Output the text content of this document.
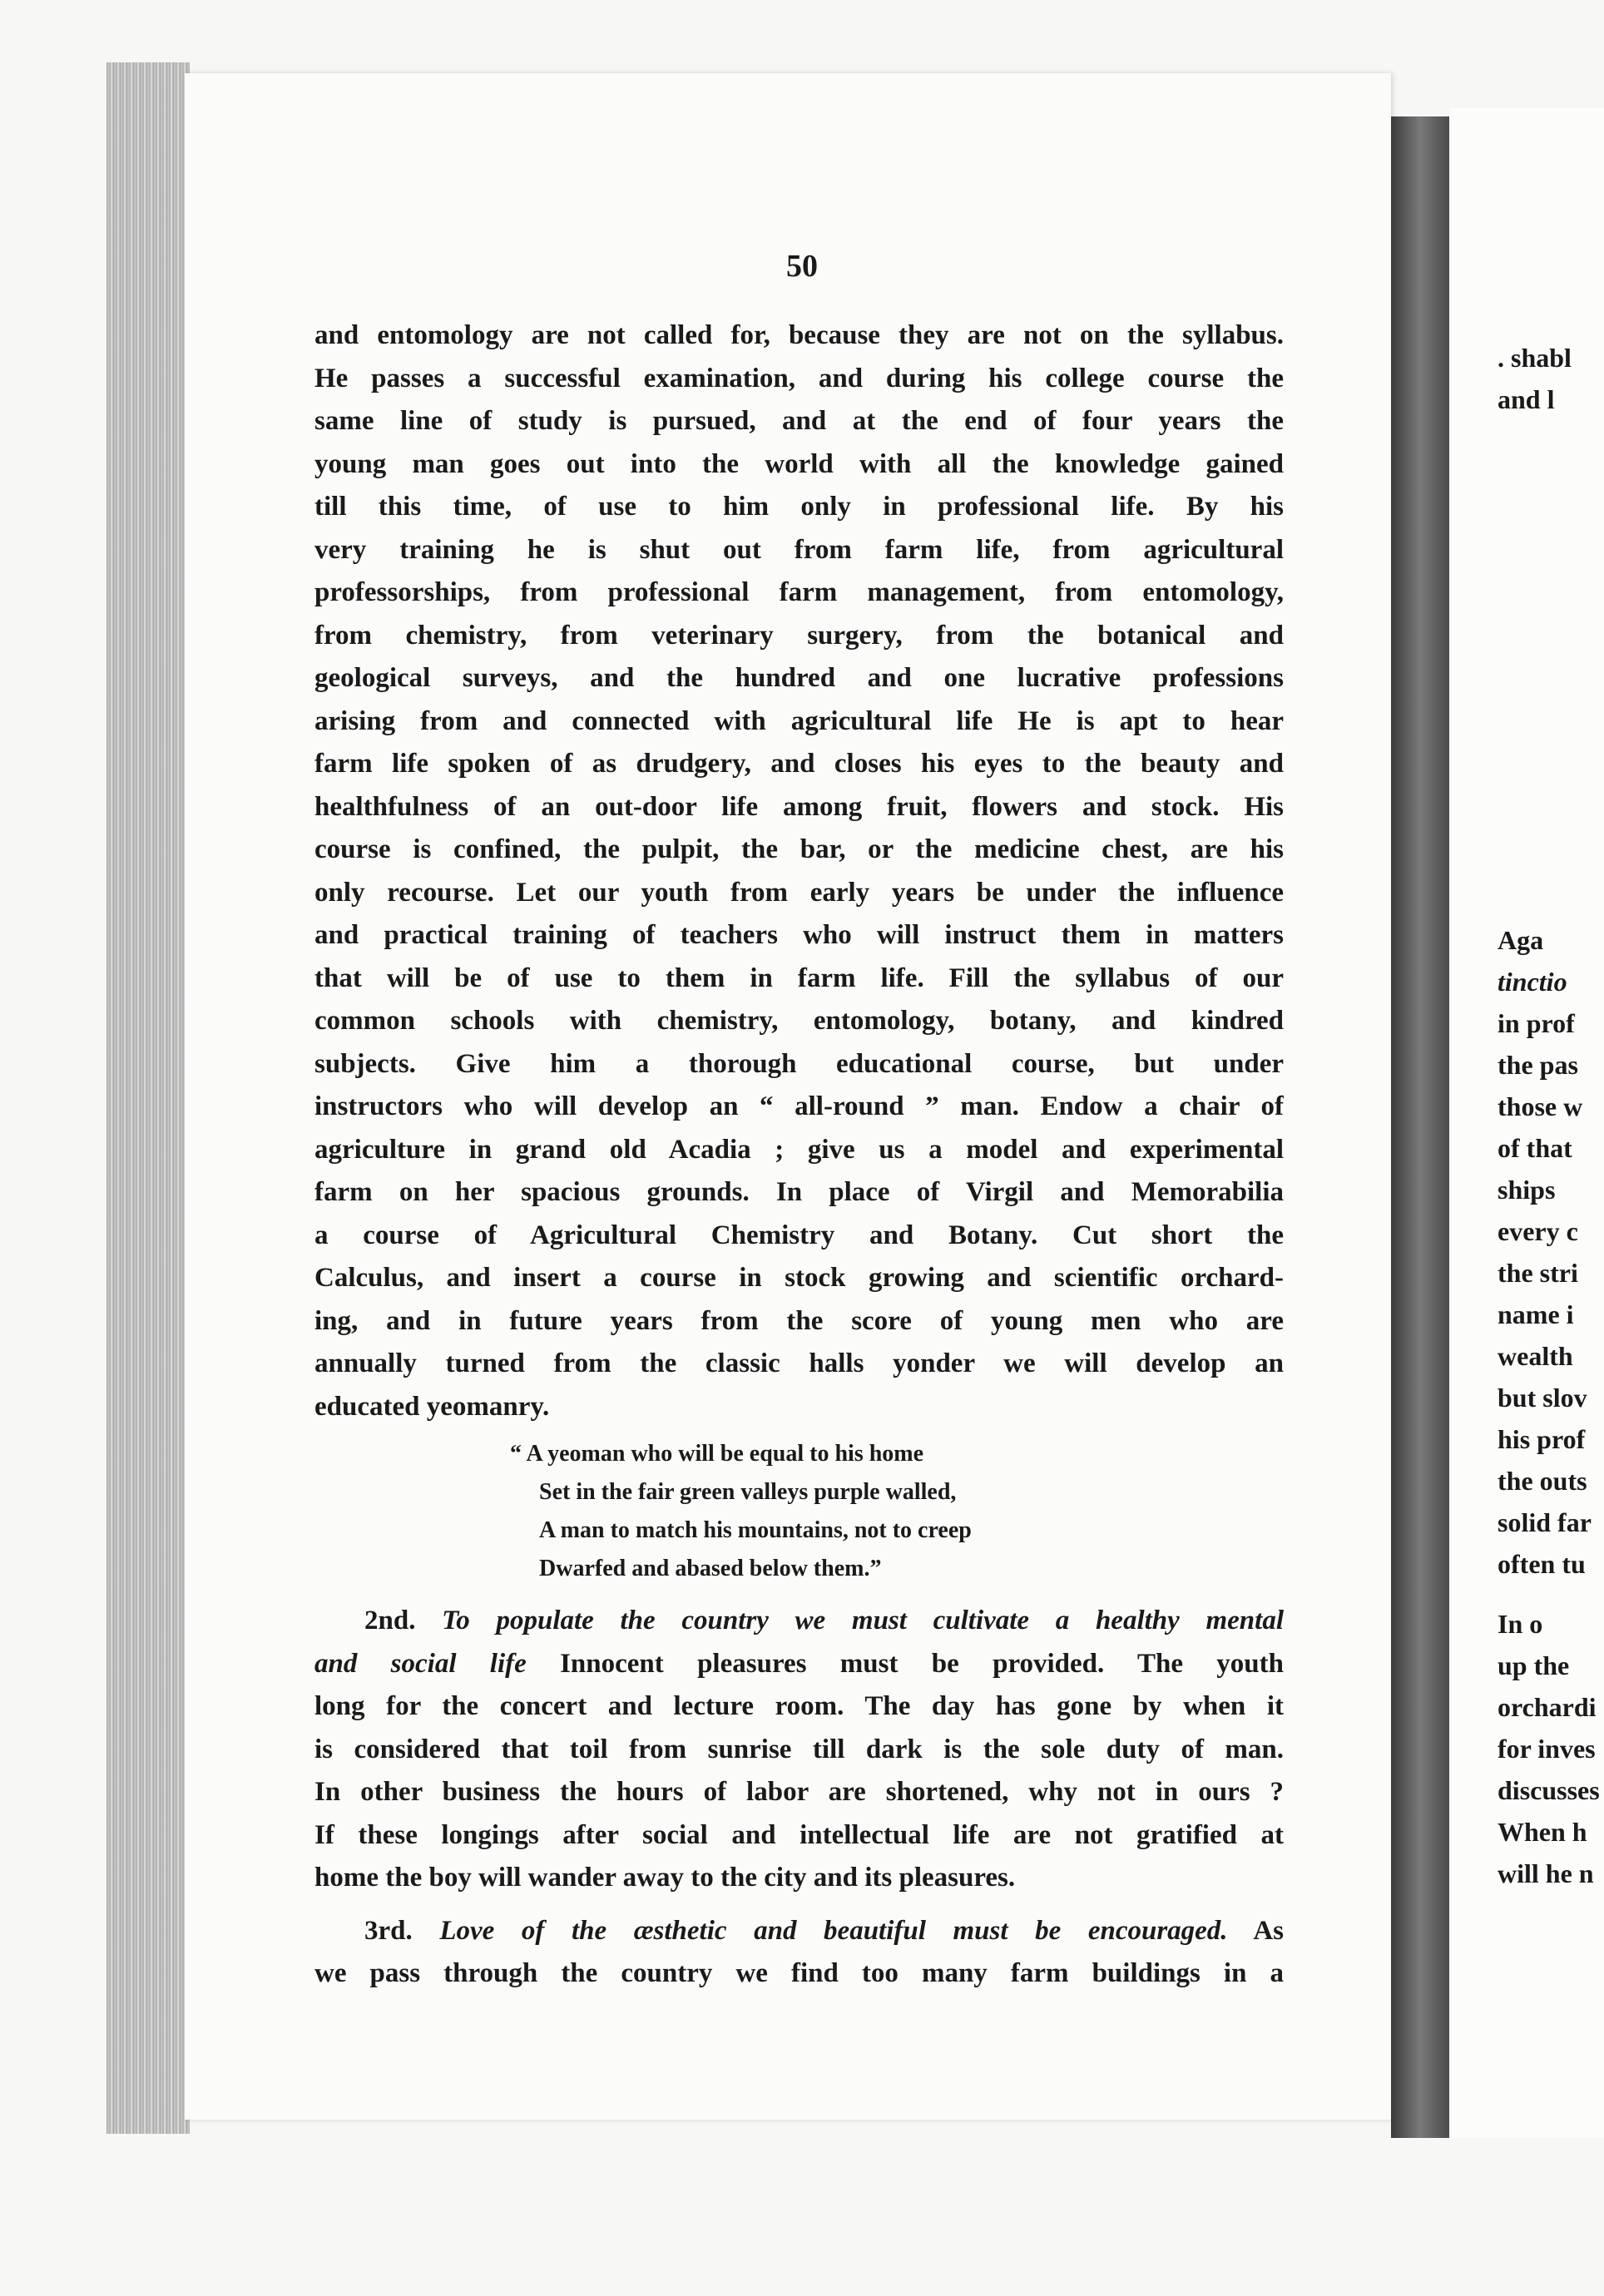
50
and entomology are not called for, because they are not on the syllabus.
He passes a successful examination, and during his college course the
same line of study is pursued, and at the end of four years the
young man goes out into the world with all the knowledge gained
till this time, of use to him only in professional life. By his
very training he is shut out from farm life, from agricultural
professorships, from professional farm management, from entomology,
from chemistry, from veterinary surgery, from the botanical and
geological surveys, and the hundred and one lucrative professions
arising from and connected with agricultural life He is apt to hear
farm life spoken of as drudgery, and closes his eyes to the beauty and
healthfulness of an out-door life among fruit, flowers and stock. His
course is confined, the pulpit, the bar, or the medicine chest, are his
only recourse. Let our youth from early years be under the influence
and practical training of teachers who will instruct them in matters
that will be of use to them in farm life. Fill the syllabus of our
common schools with chemistry, entomology, botany, and kindred
subjects. Give him a thorough educational course, but under
instructors who will develop an “ all-round ” man. Endow a chair of
agriculture in grand old Acadia ; give us a model and experimental
farm on her spacious grounds. In place of Virgil and Memorabilia
a course of Agricultural Chemistry and Botany. Cut short the
Calculus, and insert a course in stock growing and scientific orchard-
ing, and in future years from the score of young men who are
annually turned from the classic halls yonder we will develop an
educated yeomanry.
“ A yeoman who will be equal to his home
Set in the fair green valleys purple walled,
A man to match his mountains, not to creep
Dwarfed and abased below them.”
2nd. To populate the country we must cultivate a healthy mental
and social life Innocent pleasures must be provided. The youth
long for the concert and lecture room. The day has gone by when it
is considered that toil from sunrise till dark is the sole duty of man.
In other business the hours of labor are shortened, why not in ours ?
If these longings after social and intellectual life are not gratified at
home the boy will wander away to the city and its pleasures.
3rd. Love of the æsthetic and beautiful must be encouraged. As
we pass through the country we find too many farm buildings in a
. shabl
and l
Aga
tinctio
in prof
the pas
those w
of that
ships
every c
the stri
name i
wealth
but slov
his prof
the outs
solid far
often tu
In o
up the
orchardi
for inves
discusses
When h
will he n
